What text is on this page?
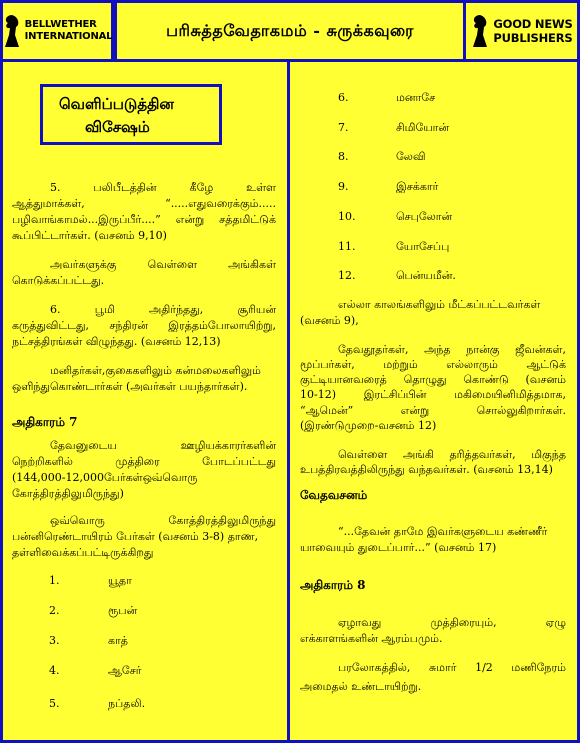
BELLWETHER
INTERNATIONAL	பரிசுத்தவேதாகமம் - சுருக்கவுரை	GOOD NEWS
PUBLISHERS
வெளிப்படுத்தின
விசேஷம்
5. பலிபீடத்தின் கீழே உள்ள
ஆத்துமாக்கள், “.....எதுவரைக்கும்.....
பழிவாங்காமல்...இருப்பீர்....” என்று சத்தமிட்டுக்
கூப்பிட்டார்கள். (வசனம் 9,10)
அவர்களுக்கு வெள்ளை அங்கிகள்
கொடுக்கப்பட்டது.
6. பூமி அதிர்ந்தது, சூரியன்
கருத்துவிட்டது, சந்திரன் இரத்தம்போலாயிற்று,
நட்சத்திரங்கள் விழுந்தது. (வசனம் 12,13)
மனிதர்கள்,குகைகளிலும் கன்மலைகளிலும்
ஒளிந்துகொண்டார்கள் (அவர்கள் பயந்தார்கள்).
அதிகாரம் 7
தேவனுடைய ஊழியக்காரர்களின்
நெற்றிகளில் முத்திரை போடப்பட்டது
(144,000-12,000பேர்கள்ஒவ்வொரு
கோத்திரத்திலுமிருந்து)
ஒவ்வொரு கோத்திரத்திலுமிருந்து
பன்னிரெண்டாயிரம் பேர்கள் (வசனம் 3-8) தாண,
தள்ளிவைக்கப்பட்டிருக்கிறது
1.	யூதா
2.	ரூபன்
3.	காத்
4.	ஆசேர்
5.	நப்தலி.
6.	மனாசே
7.	சிமியோன்
8.	லேவி
9.	இசக்கார்
10.	செபுலோன்
11.	யோசேப்பு
12.	பென்யமீன்.
எல்லா காலங்களிலும் மீட்கப்பட்டவர்கள்
(வசனம் 9),
தேவதூதர்கள், அந்த நான்கு ஜீவன்கள்,
மூப்பர்கள், மற்றும் எல்லாரும் ஆட்டுக்
குட்டியானவரைத் தொழுது கொண்டு (வசனம்
10-12) இரட்சிப்பின் மகிமையினிமித்தமாக,
“ஆமென்” என்று சொல்லுகிறார்கள்.
(இரண்டுமுறை-வசனம் 12)
வெள்ளை அங்கி தரித்தவர்கள், மிகுந்த
உபத்திரவத்திலிருந்து வந்தவர்கள். (வசனம் 13,14)
வேதவசனம்
“...தேவன் தாமே இவர்களுடைய கண்ணீர்
யாவையும் துடைப்பார்...” (வசனம் 17)
அதிகாரம் 8
ஏழாவது முத்திரையும், ஏழு
எக்காளங்களின் ஆரம்பமும்.
பரலோகத்தில், சுமார் 1/2 மணிநேரம்
அமைதல் உண்டாயிற்று.
